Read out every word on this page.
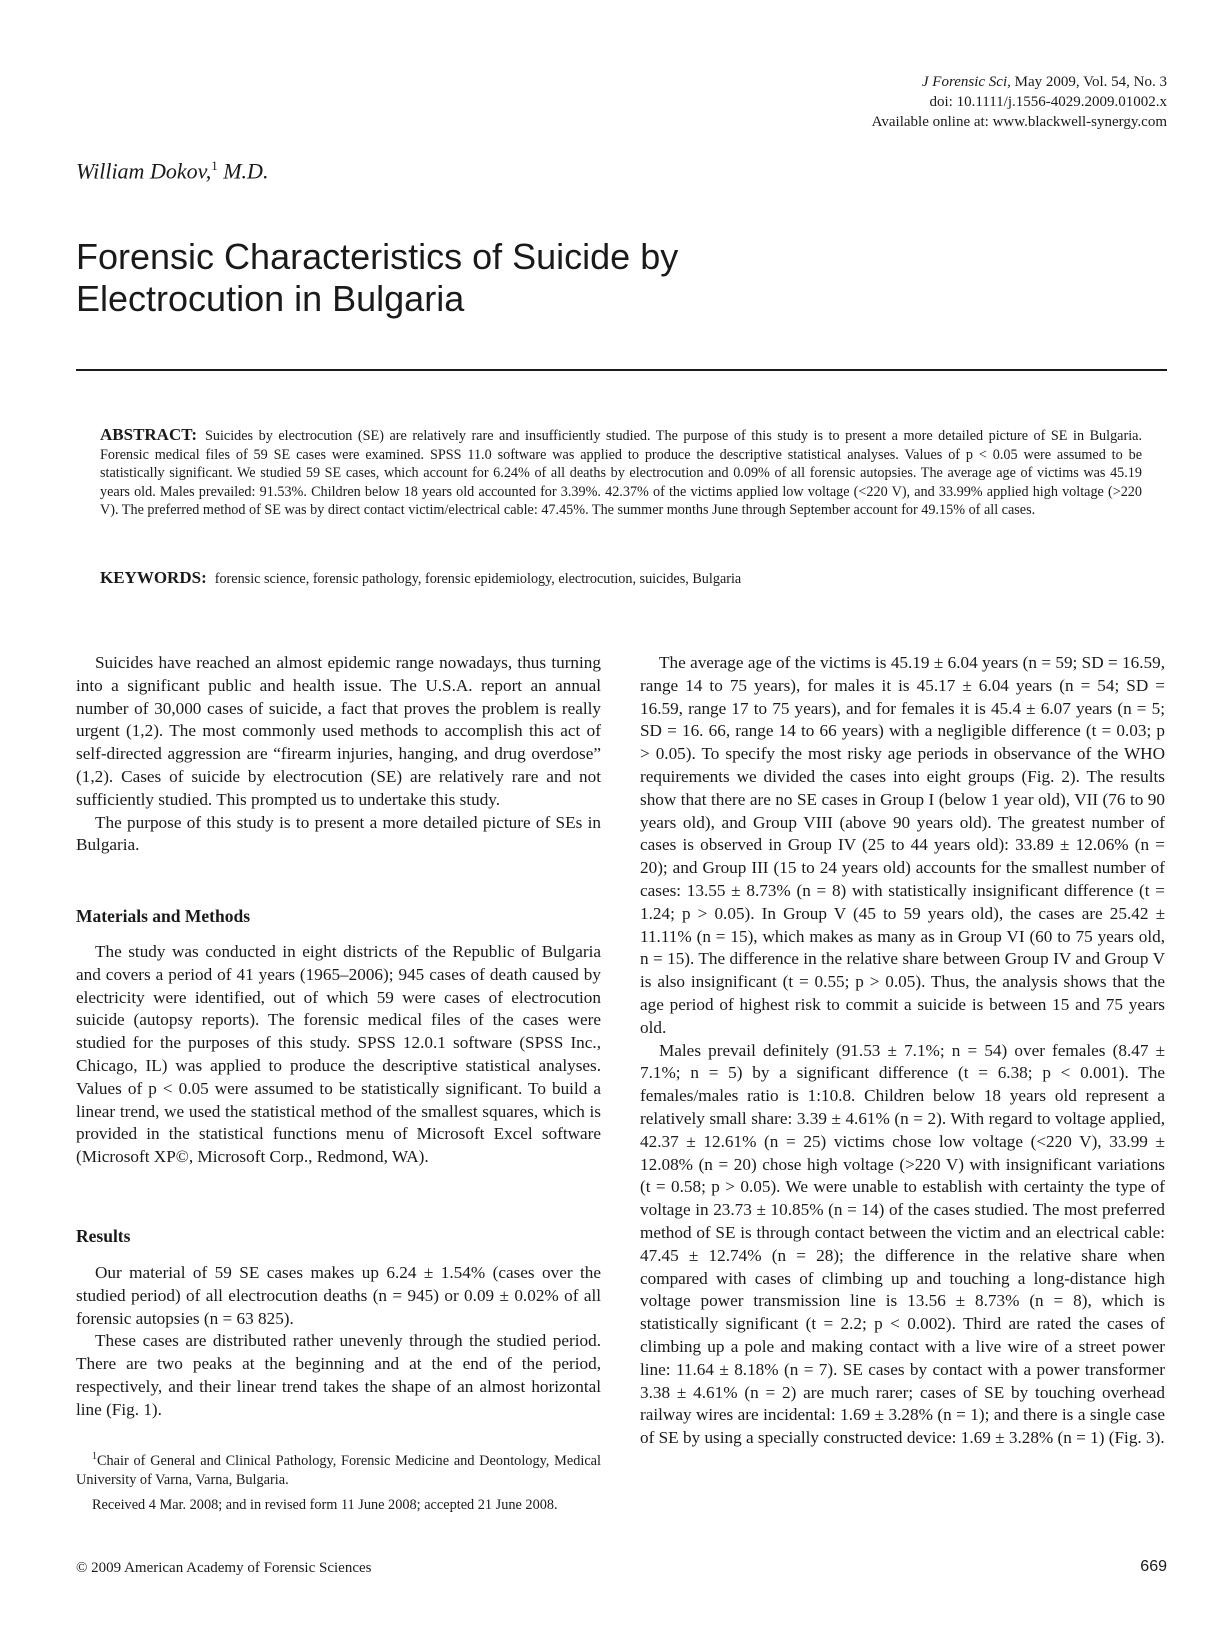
J Forensic Sci, May 2009, Vol. 54, No. 3
doi: 10.1111/j.1556-4029.2009.01002.x
Available online at: www.blackwell-synergy.com
William Dokov,$^1$ M.D.
Forensic Characteristics of Suicide by Electrocution in Bulgaria
ABSTRACT: Suicides by electrocution (SE) are relatively rare and insufficiently studied. The purpose of this study is to present a more detailed picture of SE in Bulgaria. Forensic medical files of 59 SE cases were examined. SPSS 11.0 software was applied to produce the descriptive statistical analyses. Values of p < 0.05 were assumed to be statistically significant. We studied 59 SE cases, which account for 6.24% of all deaths by electrocution and 0.09% of all forensic autopsies. The average age of victims was 45.19 years old. Males prevailed: 91.53%. Children below 18 years old accounted for 3.39%. 42.37% of the victims applied low voltage (<220 V), and 33.99% applied high voltage (>220 V). The preferred method of SE was by direct contact victim/electrical cable: 47.45%. The summer months June through September account for 49.15% of all cases.
KEYWORDS: forensic science, forensic pathology, forensic epidemiology, electrocution, suicides, Bulgaria

Suicides have reached an almost epidemic range nowadays, thus turning into a significant public and health issue. The U.S.A. report an annual number of 30,000 cases of suicide, a fact that proves the problem is really urgent (1,2). The most commonly used methods to accomplish this act of self-directed aggression are “firearm injuries, hanging, and drug overdose” (1,2). Cases of suicide by electrocution (SE) are relatively rare and not sufficiently studied. This prompted us to undertake this study.

The purpose of this study is to present a more detailed picture of SEs in Bulgaria.

Materials and Methods

The study was conducted in eight districts of the Republic of Bulgaria and covers a period of 41 years (1965–2006); 945 cases of death caused by electricity were identified, out of which 59 were cases of electrocution suicide (autopsy reports). The forensic medical files of the cases were studied for the purposes of this study. SPSS 12.0.1 software (SPSS Inc., Chicago, IL) was applied to produce the descriptive statistical analyses. Values of p < 0.05 were assumed to be statistically significant. To build a linear trend, we used the statistical method of the smallest squares, which is provided in the statistical functions menu of Microsoft Excel software (Microsoft XP©, Microsoft Corp., Redmond, WA).

Results

Our material of 59 SE cases makes up 6.24 ± 1.54% (cases over the studied period) of all electrocution deaths (n = 945) or 0.09 ± 0.02% of all forensic autopsies (n = 63 825).

These cases are distributed rather unevenly through the studied period. There are two peaks at the beginning and at the end of the period, respectively, and their linear trend takes the shape of an almost horizontal line (Fig. 1).

$^1$Chair of General and Clinical Pathology, Forensic Medicine and Deontology, Medical University of Varna, Varna, Bulgaria.

Received 4 Mar. 2008; and in revised form 11 June 2008; accepted 21 June 2008.

The average age of the victims is 45.19 ± 6.04 years (n = 59; SD = 16.59, range 14 to 75 years), for males it is 45.17 ± 6.04 years (n = 54; SD = 16.59, range 17 to 75 years), and for females it is 45.4 ± 6.07 years (n = 5; SD = 16. 66, range 14 to 66 years) with a negligible difference (t = 0.03; p > 0.05). To specify the most risky age periods in observance of the WHO requirements we divided the cases into eight groups (Fig. 2). The results show that there are no SE cases in Group I (below 1 year old), VII (76 to 90 years old), and Group VIII (above 90 years old). The greatest number of cases is observed in Group IV (25 to 44 years old): 33.89 ± 12.06% (n = 20); and Group III (15 to 24 years old) accounts for the smallest number of cases: 13.55 ± 8.73% (n = 8) with statistically insignificant difference (t = 1.24; p > 0.05). In Group V (45 to 59 years old), the cases are 25.42 ± 11.11% (n = 15), which makes as many as in Group VI (60 to 75 years old, n = 15). The difference in the relative share between Group IV and Group V is also insignificant (t = 0.55; p > 0.05). Thus, the analysis shows that the age period of highest risk to commit a suicide is between 15 and 75 years old.

Males prevail definitely (91.53 ± 7.1%; n = 54) over females (8.47 ± 7.1%; n = 5) by a significant difference (t = 6.38; p < 0.001). The females/males ratio is 1:10.8. Children below 18 years old represent a relatively small share: 3.39 ± 4.61% (n = 2). With regard to voltage applied, 42.37 ± 12.61% (n = 25) victims chose low voltage (<220 V), 33.99 ± 12.08% (n = 20) chose high voltage (>220 V) with insignificant variations (t = 0.58; p > 0.05). We were unable to establish with certainty the type of voltage in 23.73 ± 10.85% (n = 14) of the cases studied. The most preferred method of SE is through contact between the victim and an electrical cable: 47.45 ± 12.74% (n = 28); the difference in the relative share when compared with cases of climbing up and touching a long-distance high voltage power transmission line is 13.56 ± 8.73% (n = 8), which is statistically significant (t = 2.2; p < 0.002). Third are rated the cases of climbing up a pole and making contact with a live wire of a street power line: 11.64 ± 8.18% (n = 7). SE cases by contact with a power transformer 3.38 ± 4.61% (n = 2) are much rarer; cases of SE by touching overhead railway wires are incidental: 1.69 ± 3.28% (n = 1); and there is a single case of SE by using a specially constructed device: 1.69 ± 3.28% (n = 1) (Fig. 3).

© 2009 American Academy of Forensic Sciences	669
